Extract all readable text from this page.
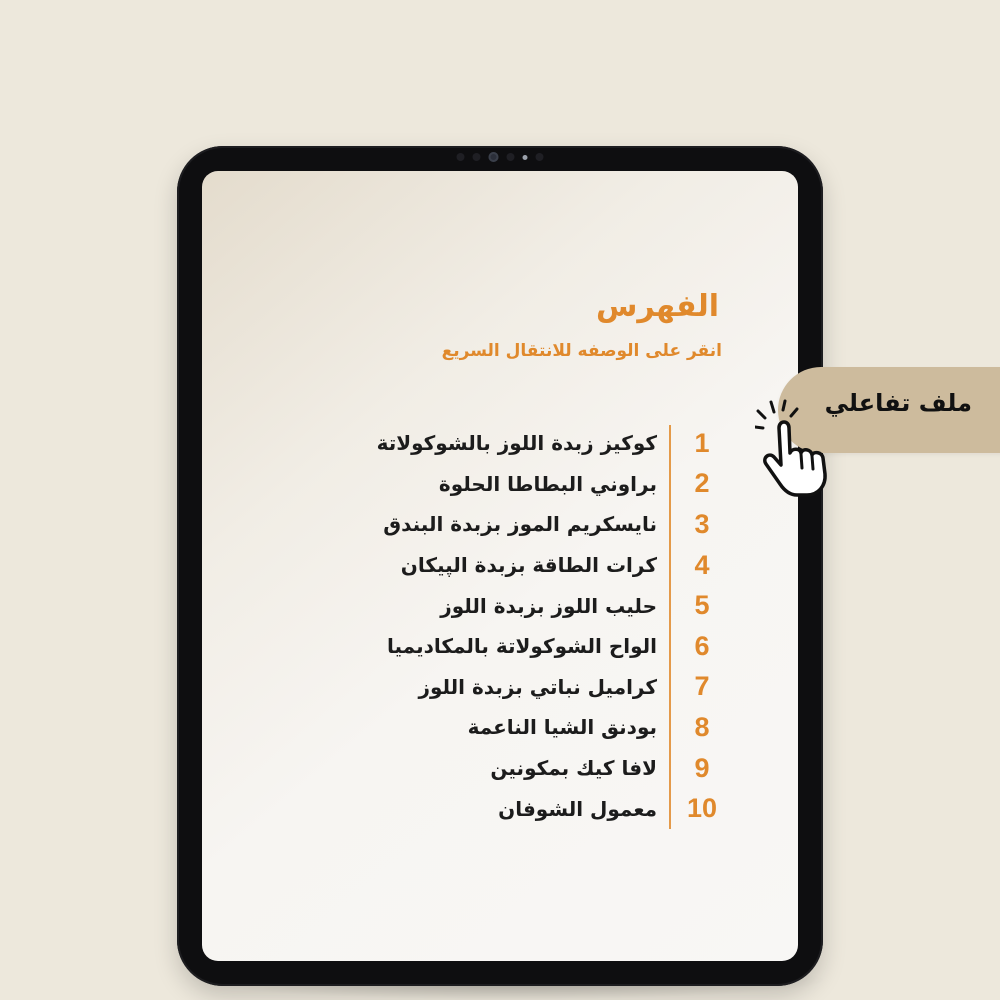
الفهرس

انقر على الوصفه للانتقال السريع

1
كوكيز زبدة اللوز بالشوكولاتة
2
براوني البطاطا الحلوة
3
نايسكريم الموز بزبدة البندق
4
كرات الطاقة بزبدة الپيكان
5
حليب اللوز بزبدة اللوز
6
الواح الشوكولاتة بالمكاديميا
7
كراميل نباتي بزبدة اللوز
8
بودنق الشيا الناعمة
9
لافا كيك بمكونين
10
معمول الشوفان
ملف تفاعلي
